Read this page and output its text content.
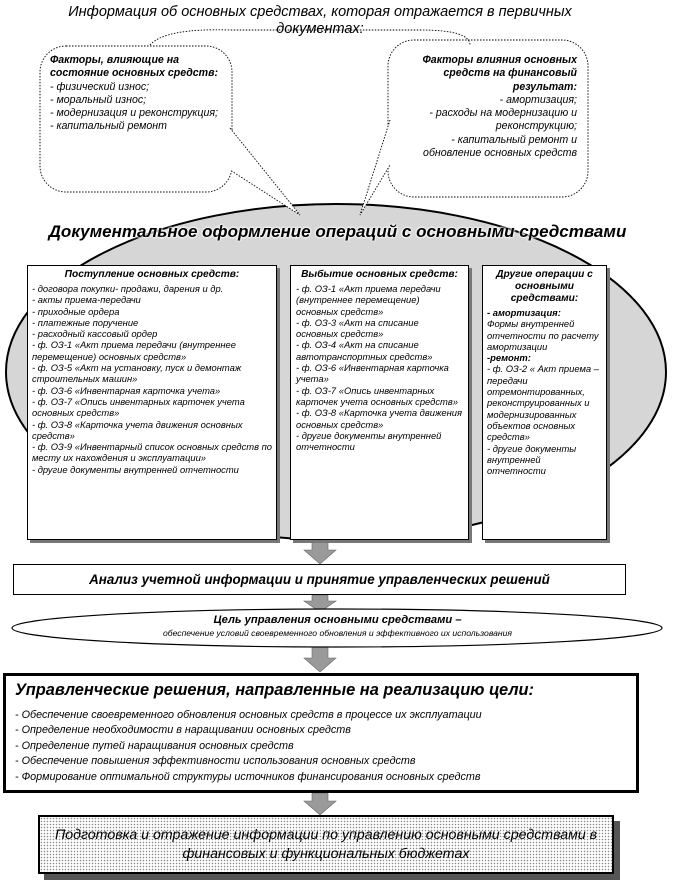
Информация об основных средствах, которая отражается в первичных документах:
Факторы, влияющие на состояние основных средств:
- физический износ;
- моральный износ;
- модернизация и реконструкция;
- капитальный ремонт
Факторы влияния основных средств на финансовый результат:
- амортизация;
- расходы на модернизацию и реконструкцию;
- капитальный ремонт и обновление основных средств
Документальное оформление операций с основными средствами
Поступление основных средств:
- договора покупки- продажи, дарения и др.
- акты приема-передачи
- приходные ордера
- платежные поручение
- расходный кассовый ордер
- ф. ОЗ-1 «Акт приема передачи (внутреннее перемещение) основных средств»
- ф. ОЗ-5 «Акт на установку, пуск и демонтаж строительных машин»
- ф. ОЗ-6 «Инвентарная карточка учета»
- ф. ОЗ-7 «Опись инвентарных карточек учета основных средств»
- ф. ОЗ-8 «Карточка учета движения основных средств»
- ф. ОЗ-9 «Инвентарный список основных средств по месту их нахождения и эксплуатации»
- другие документы внутренней отчетности
Выбытие основных средств:
- ф. ОЗ-1 «Акт приема передачи (внутреннее перемещение) основных средств»
- ф. ОЗ-3 «Акт на списание основных средств»
- ф. ОЗ-4 «Акт на списание автотранспортных средств»
- ф. ОЗ-6 «Инвентарная карточка учета»
- ф. ОЗ-7 «Опись инвентарных карточек учета основных средств»
- ф. ОЗ-8 «Карточка учета движения основных средств»
- другие документы внутренней отчетности
Другие операции с основными средствами:
- амортизация:
Формы внутренней отчетности по расчету амортизации
-ремонт:
- ф. ОЗ-2 « Акт приема – передачи отремонтированных, реконструированных и модернизированных объектов основных средств»
- другие документы внутренней отчетности
Анализ учетной информации и принятие управленческих решений
Цель управления основными средствами –
обеспечение условий своевременного обновления и эффективного их использования
Управленческие решения, направленные на реализацию цели:
- Обеспечение своевременного обновления основных средств в процессе их эксплуатации
- Определение необходимости в наращивании основных средств
- Определение путей наращивания основных средств
- Обеспечение повышения эффективности использования основных средств
- Формирование оптимальной структуры источников финансирования основных средств
Подготовка и отражение информации по управлению основными средствами в финансовых и функциональных бюджетах
